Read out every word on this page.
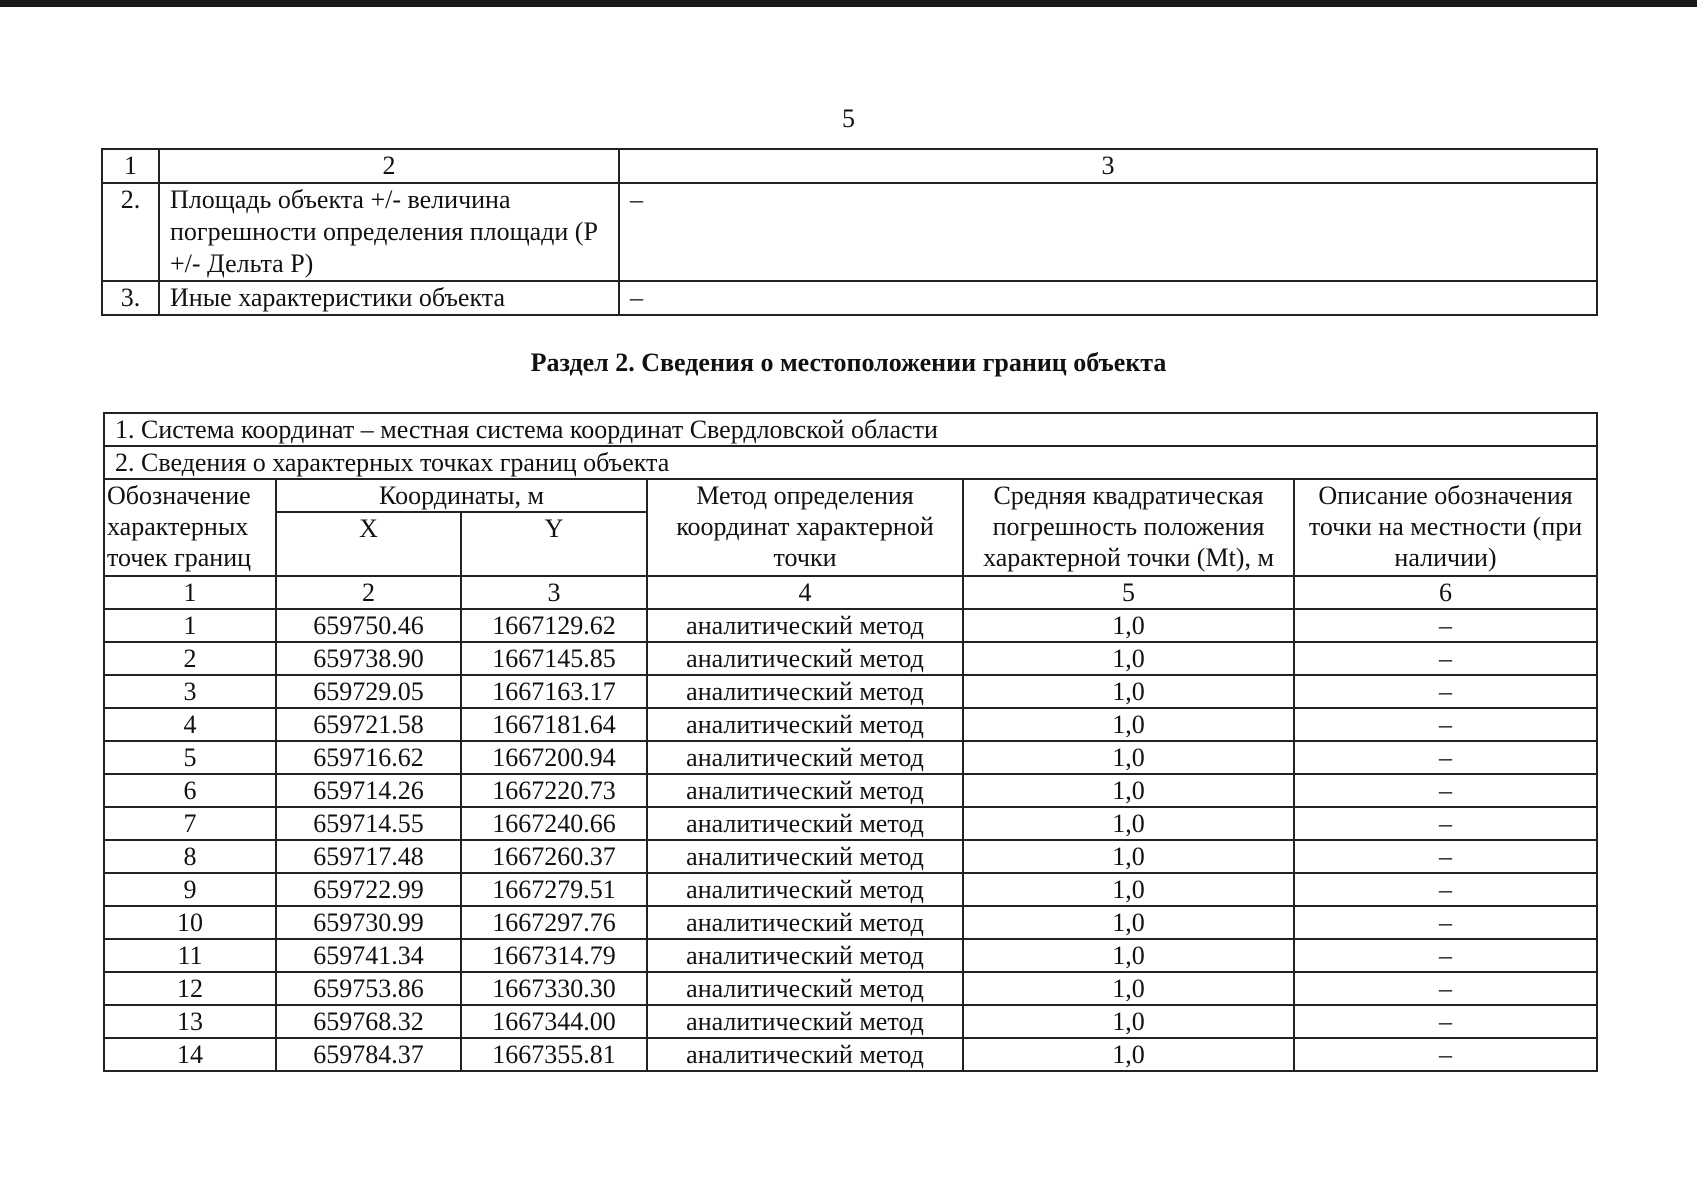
5
1	2	3
2.	Площадь объекта +/- величина погрешности определения площади (P +/- Дельта P)	–
3.	Иные характеристики объекта	–
Раздел 2. Сведения о местоположении границ объекта
1. Система координат – местная система координат Свердловской области					
2. Сведения о характерных точках границ объекта					
Обозначение характерных точек границ	Координаты, м		Метод определения координат характерной точки	Средняя квадратическая погрешность положения характерной точки (Mt), м	Описание обозначения точки на местности (при наличии)
	X	Y			
1	2	3	4	5	6
1	659750.46	1667129.62	аналитический метод	1,0	–
2	659738.90	1667145.85	аналитический метод	1,0	–
3	659729.05	1667163.17	аналитический метод	1,0	–
4	659721.58	1667181.64	аналитический метод	1,0	–
5	659716.62	1667200.94	аналитический метод	1,0	–
6	659714.26	1667220.73	аналитический метод	1,0	–
7	659714.55	1667240.66	аналитический метод	1,0	–
8	659717.48	1667260.37	аналитический метод	1,0	–
9	659722.99	1667279.51	аналитический метод	1,0	–
10	659730.99	1667297.76	аналитический метод	1,0	–
11	659741.34	1667314.79	аналитический метод	1,0	–
12	659753.86	1667330.30	аналитический метод	1,0	–
13	659768.32	1667344.00	аналитический метод	1,0	–
14	659784.37	1667355.81	аналитический метод	1,0	–
